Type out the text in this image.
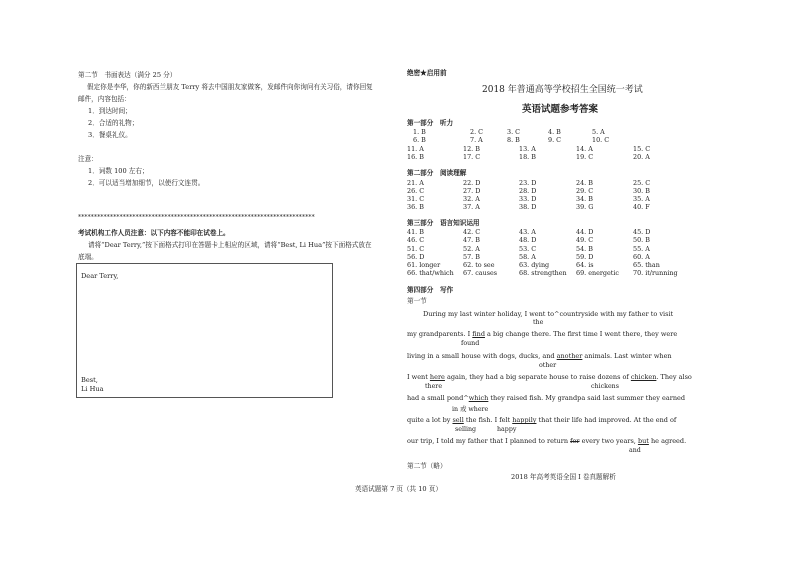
第二节　书面表达（满分 25 分）
假定你是李华，你的新西兰朋友 Terry 将去中国朋友家做客，发邮件向你询问有关习俗，请你回复
邮件，内容包括：
1．到达时间；
2．合适的礼物；
3．餐桌礼仪。
注意：
1．词数 100 左右；
2．可以适当增加细节，以使行文连贯。
**************************************************************************
考试机构工作人员注意：以下内容不能印在试卷上。
请将“Dear Terry,”按下面格式打印在答题卡上相应的区域，请将“Best, Li Hua”按下面格式放在
底端。
Dear Terry,
Best,
Li Hua
绝密★启用前
2018 年普通高等学校招生全国统一考试
英语试题参考答案
第一部分　听力
1. B	2. C	3. C	4. B	5. A
6. B	7. A	8. B	9. C	10. C
11. A	12. B	13. A	14. A	15. C
16. B	17. C	18. B	19. C	20. A
第二部分　阅读理解
21. A	22. D	23. D	24. B	25. C
26. C	27. D	28. D	29. C	30. B
31. C	32. A	33. D	34. B	35. A
36. B	37. A	38. D	39. G	40. F
第三部分　语言知识运用
41. B	42. C	43. A	44. D	45. D
46. C	47. B	48. D	49. C	50. B
51. C	52. A	53. C	54. B	55. A
56. D	57. B	58. A	59. D	60. A
61. longer	62. to see	63. dying	64. is	65. than
66. that/which 67. causes	68. strengthen 69. energetic 70. it/running
第四部分　写作
第一节
During my last winter holiday, I went to^countryside with my father to visit
the
my grandparents. I find a big change there. The first time I went there, they were
found
living in a small house with dogs, ducks, and another animals. Last winter when
other
I went here again, they had a big separate house to raise dozens of chicken. They also
there	chickens
had a small pond^which they raised fish. My grandpa said last summer they earned
in 或 where
quite a lot by sell the fish. I felt happily that their life had improved. At the end of
selling	happy
our trip, I told my father that I planned to return for every two years, but he agreed.
and
第二节（略）
2018 年高考英语全国 I 卷真题解析
英语试题第 7 页（共 10 页）
